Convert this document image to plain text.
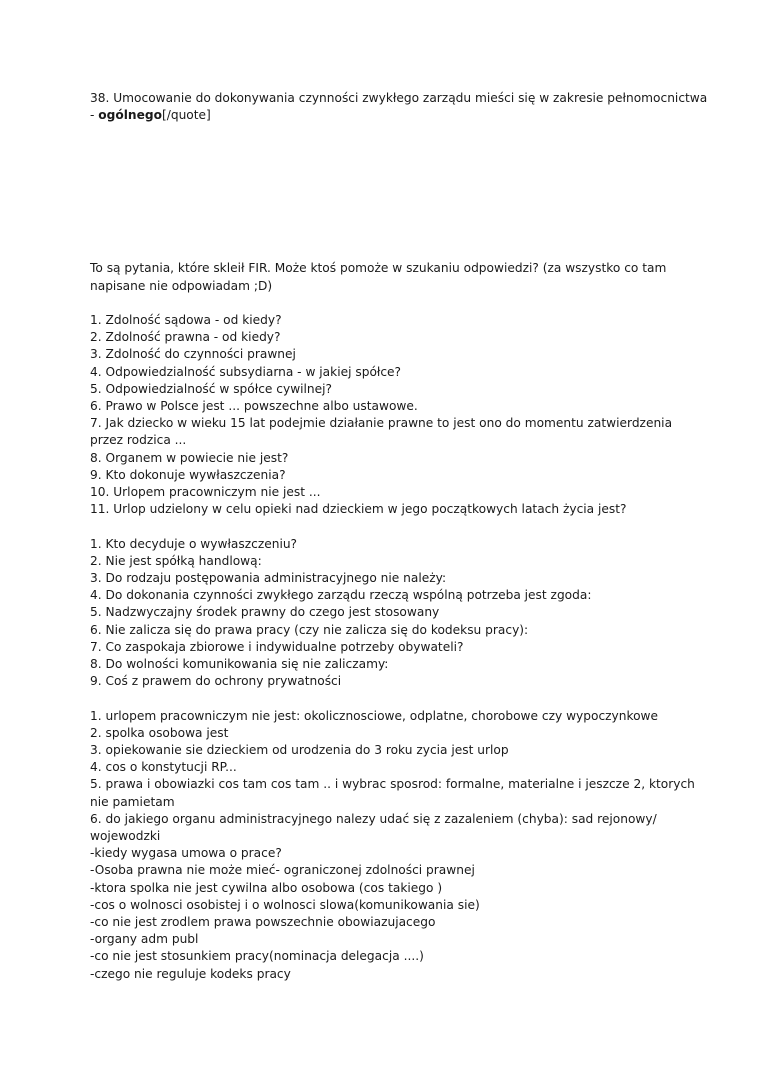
38. Umocowanie do dokonywania czynności zwykłego zarządu mieści się w zakresie pełnomocnictwa

- ogólnego[/quote]

To są pytania, które skleił FIR. Może ktoś pomoże w szukaniu odpowiedzi? (za wszystko co tam

napisane nie odpowiadam ;D)

1. Zdolność sądowa - od kiedy?

2. Zdolność prawna - od kiedy?

3. Zdolność do czynności prawnej

4. Odpowiedzialność subsydiarna - w jakiej spółce?

5. Odpowiedzialność w spółce cywilnej?

6. Prawo w Polsce jest ... powszechne albo ustawowe.

7. Jak dziecko w wieku 15 lat podejmie działanie prawne to jest ono do momentu zatwierdzenia

przez rodzica ...

8. Organem w powiecie nie jest?

9. Kto dokonuje wywłaszczenia?

10. Urlopem pracowniczym nie jest ...

11. Urlop udzielony w celu opieki nad dzieckiem w jego początkowych latach życia jest?

1. Kto decyduje o wywłaszczeniu?

2. Nie jest spółką handlową:

3. Do rodzaju postępowania administracyjnego nie należy:

4. Do dokonania czynności zwykłego zarządu rzeczą wspólną potrzeba jest zgoda:

5. Nadzwyczajny środek prawny do czego jest stosowany

6. Nie zalicza się do prawa pracy (czy nie zalicza się do kodeksu pracy):

7. Co zaspokaja zbiorowe i indywidualne potrzeby obywateli?

8. Do wolności komunikowania się nie zaliczamy:

9. Coś z prawem do ochrony prywatności

1. urlopem pracowniczym nie jest: okolicznosciowe, odplatne, chorobowe czy wypoczynkowe

2. spolka osobowa jest

3. opiekowanie sie dzieckiem od urodzenia do 3 roku zycia jest urlop

4. cos o konstytucji RP...

5. prawa i obowiazki cos tam cos tam .. i wybrac sposrod: formalne, materialne i jeszcze 2, ktorych

nie pamietam

6. do jakiego organu administracyjnego nalezy udać się z zazaleniem (chyba): sad rejonowy/

wojewodzki

-kiedy wygasa umowa o prace?

-Osoba prawna nie może mieć- ograniczonej zdolności prawnej

-ktora spolka nie jest cywilna albo osobowa (cos takiego )

-cos o wolnosci osobistej i o wolnosci slowa(komunikowania sie)

-co nie jest zrodlem prawa powszechnie obowiazujacego

-organy adm publ

-co nie jest stosunkiem pracy(nominacja delegacja ....)

-czego nie reguluje kodeks pracy
